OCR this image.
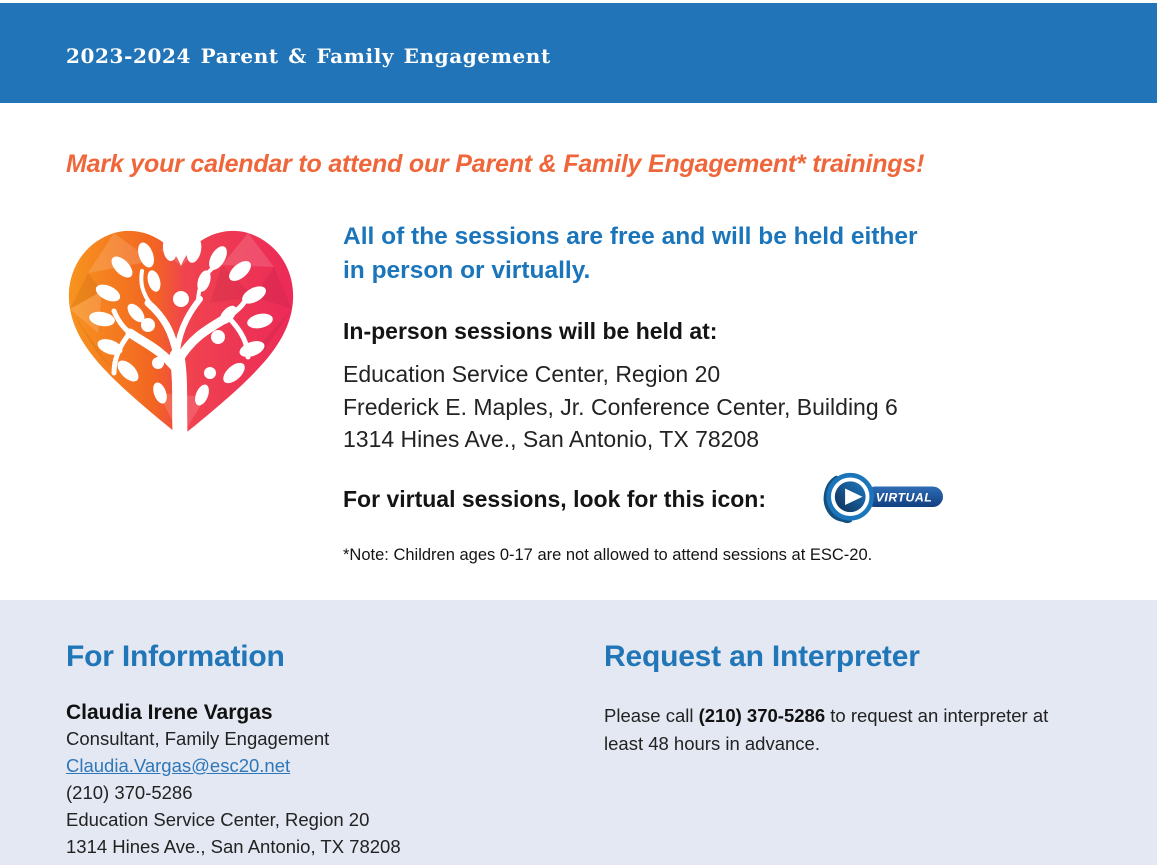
2023-2024 Parent & Family Engagement
Mark your calendar to attend our Parent & Family Engagement* trainings!
All of the sessions are free and will be held either
in person or virtually.
In-person sessions will be held at:
Education Service Center, Region 20
Frederick E. Maples, Jr. Conference Center, Building 6
1314 Hines Ave., San Antonio, TX 78208
For virtual sessions, look for this icon:	VIRTUAL
*Note: Children ages 0-17 are not allowed to attend sessions at ESC-20.
For Information
Claudia Irene Vargas
Consultant, Family Engagement
Claudia.Vargas@esc20.net
(210) 370-5286
Education Service Center, Region 20
1314 Hines Ave., San Antonio, TX 78208
Request an Interpreter
Please call (210) 370-5286 to request an interpreter at least 48 hours in advance.
